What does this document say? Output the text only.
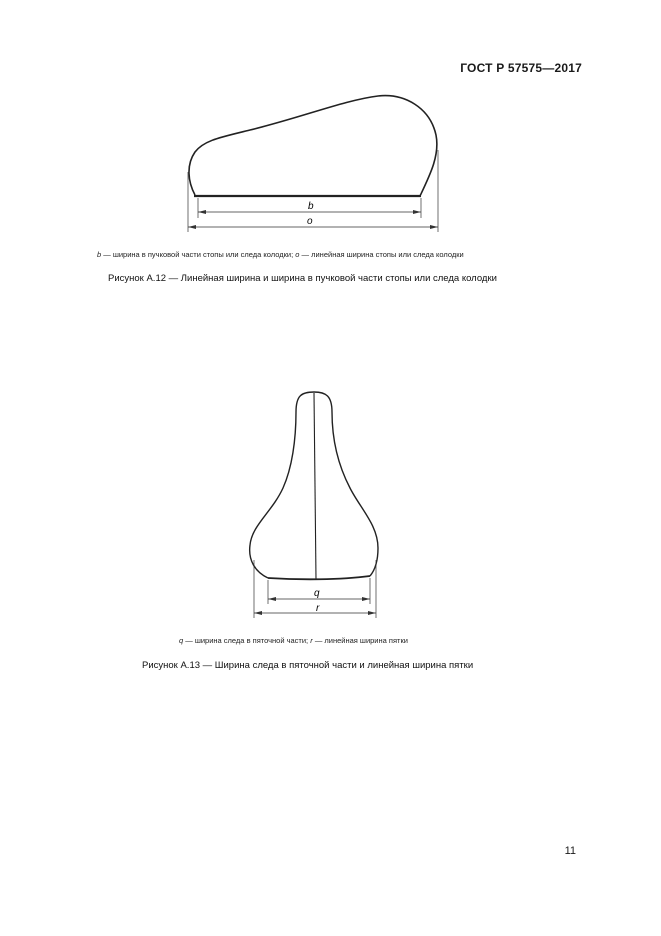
ГОСТ Р 57575—2017
b
o
b — ширина в пучковой части стопы или следа колодки; o — линейная ширина стопы или следа колодки
Рисунок А.12 — Линейная ширина и ширина в пучковой части стопы или следа колодки
q
r
q — ширина следа в пяточной части; r — линейная ширина пятки
Рисунок А.13 — Ширина следа в пяточной части и линейная ширина пятки
11
